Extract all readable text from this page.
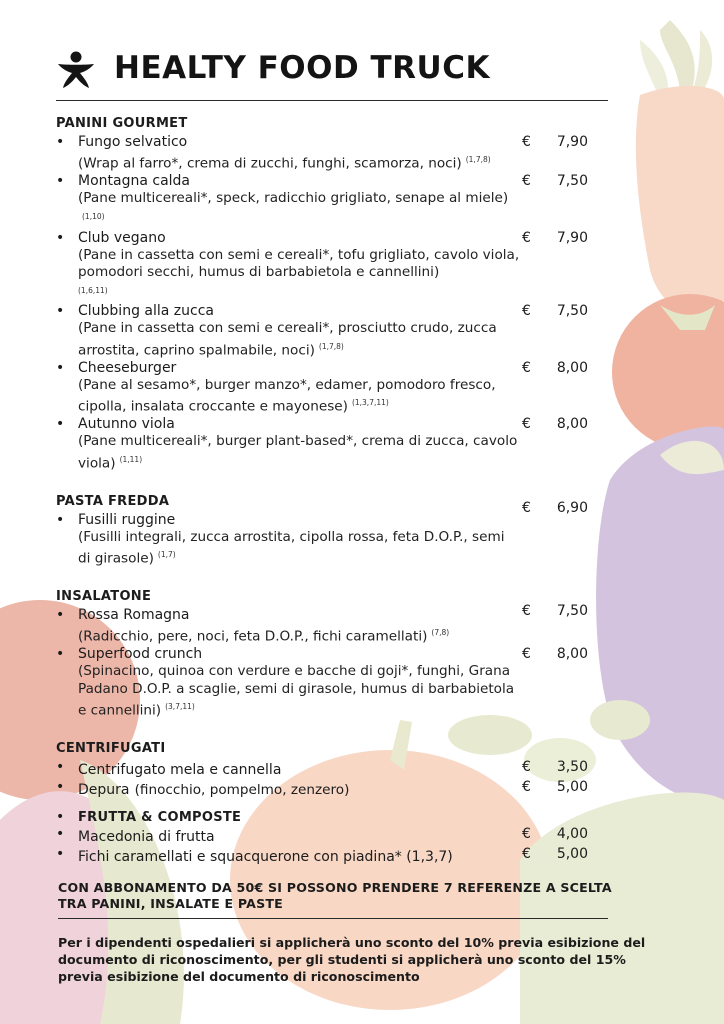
HEALTY FOOD TRUCK
PANINI GOURMET
• Fungo selvatico
(Wrap al farro*, crema di zucchi, funghi, scamorza, noci) $^{(1,7,8)}$
€ 7,90
• Montagna calda
(Pane multicereali*, speck, radicchio grigliato, senape al miele)$^{(1,10)}$
€ 7,50
• Club vegano
(Pane in cassetta con semi e cereali*, tofu grigliato, cavolo viola, pomodori secchi, humus di barbabietola e cannellini)
(1,6,11)
€ 7,90
• Clubbing alla zucca
(Pane in cassetta con semi e cereali*, prosciutto crudo, zucca arrostita, caprino spalmabile, noci) $^{(1,7,8)}$
€ 7,50
• Cheeseburger
(Pane al sesamo*, burger manzo*, edamer, pomodoro fresco, cipolla, insalata croccante e mayonese) $^{(1,3,7,11)}$
€ 8,00
• Autunno viola
(Pane multicereali*, burger plant-based*, crema di zucca, cavolo viola) $^{(1,11)}$
€ 8,00
PASTA FREDDA
• Fusilli ruggine
(Fusilli integrali, zucca arrostita, cipolla rossa, feta D.O.P., semi di girasole) $^{(1,7)}$
€ 6,90
INSALATONE
• Rossa Romagna
(Radicchio, pere, noci, feta D.O.P., fichi caramellati) $^{(7,8)}$
€ 7,50
• Superfood crunch
(Spinacino, quinoa con verdure e bacche di goji*, funghi, Grana Padano D.O.P. a scaglie, semi di girasole, humus di barbabietola e cannellini) $^{(3,7,11)}$
€ 8,00
CENTRIFUGATI
• Centrifugato mela e cannella	€ 3,50
• Depura (finocchio, pompelmo, zenzero)	€ 5,00
• FRUTTA & COMPOSTE
• Macedonia di frutta	€ 4,00
• Fichi caramellati e squacquerone con piadina* (1,3,7)	€ 5,00
CON ABBONAMENTO DA 50€ SI POSSONO PRENDERE 7 REFERENZE A SCELTA TRA PANINI, INSALATE E PASTE
Per i dipendenti ospedalieri si applicherà uno sconto del 10% previa esibizione del documento di riconoscimento, per gli studenti si applicherà uno sconto del 15% previa esibizione del documento di riconoscimento
